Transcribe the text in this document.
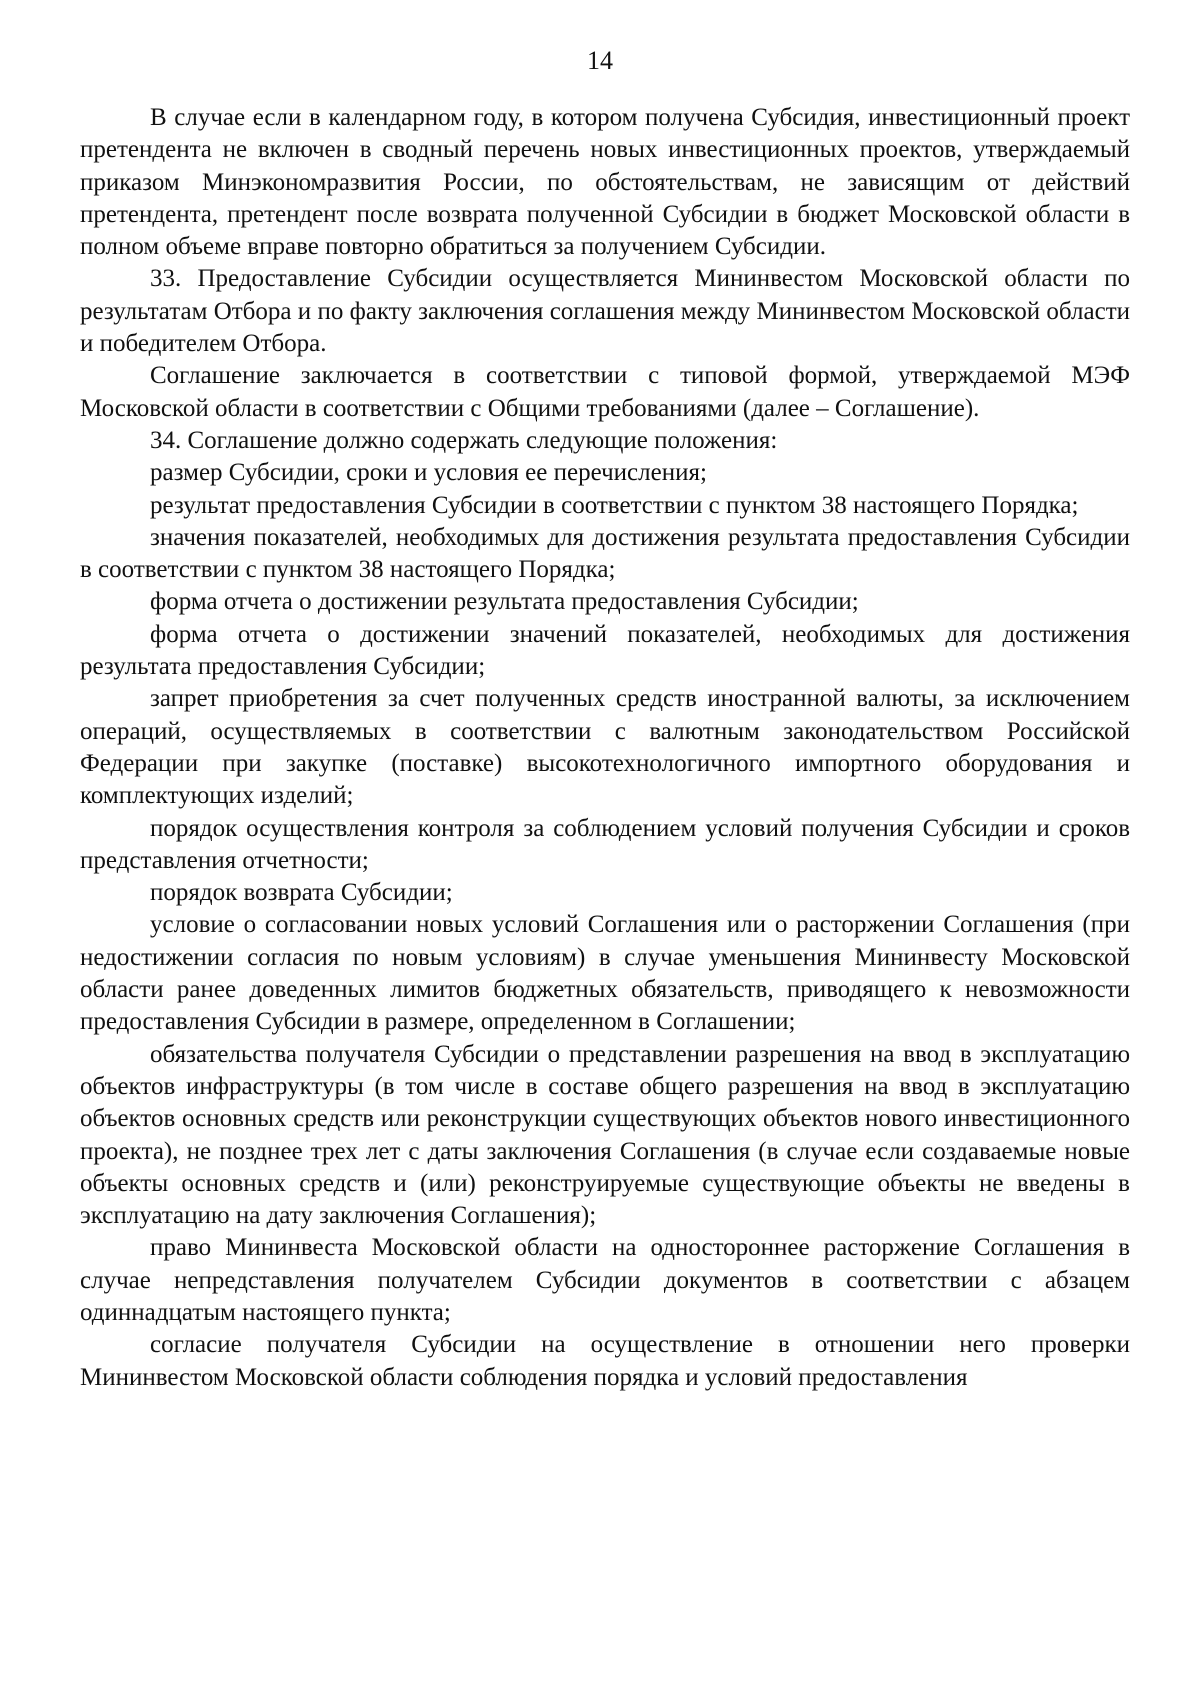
14

В случае если в календарном году, в котором получена Субсидия, инвестиционный проект претендента не включен в сводный перечень новых инвестиционных проектов, утверждаемый приказом Минэкономразвития России, по обстоятельствам, не зависящим от действий претендента, претендент после возврата полученной Субсидии в бюджет Московской области в полном объеме вправе повторно обратиться за получением Субсидии.

33. Предоставление Субсидии осуществляется Мининвестом Московской области по результатам Отбора и по факту заключения соглашения между Мининвестом Московской области и победителем Отбора.

Соглашение заключается в соответствии с типовой формой, утверждаемой МЭФ Московской области в соответствии с Общими требованиями (далее – Соглашение).

34. Соглашение должно содержать следующие положения:

размер Субсидии, сроки и условия ее перечисления;

результат предоставления Субсидии в соответствии с пунктом 38 настоящего Порядка;

значения показателей, необходимых для достижения результата предоставления Субсидии в соответствии с пунктом 38 настоящего Порядка;

форма отчета о достижении результата предоставления Субсидии;

форма отчета о достижении значений показателей, необходимых для достижения результата предоставления Субсидии;

запрет приобретения за счет полученных средств иностранной валюты, за исключением операций, осуществляемых в соответствии с валютным законодательством Российской Федерации при закупке (поставке) высокотехнологичного импортного оборудования и комплектующих изделий;

порядок осуществления контроля за соблюдением условий получения Субсидии и сроков представления отчетности;

порядок возврата Субсидии;

условие о согласовании новых условий Соглашения или о расторжении Соглашения (при недостижении согласия по новым условиям) в случае уменьшения Мининвесту Московской области ранее доведенных лимитов бюджетных обязательств, приводящего к невозможности предоставления Субсидии в размере, определенном в Соглашении;

обязательства получателя Субсидии о представлении разрешения на ввод в эксплуатацию объектов инфраструктуры (в том числе в составе общего разрешения на ввод в эксплуатацию объектов основных средств или реконструкции существующих объектов нового инвестиционного проекта), не позднее трех лет с даты заключения Соглашения (в случае если создаваемые новые объекты основных средств и (или) реконструируемые существующие объекты не введены в эксплуатацию на дату заключения Соглашения);

право Мининвеста Московской области на одностороннее расторжение Соглашения в случае непредставления получателем Субсидии документов в соответствии с абзацем одиннадцатым настоящего пункта;

согласие получателя Субсидии на осуществление в отношении него проверки Мининвестом Московской области соблюдения порядка и условий предоставления
